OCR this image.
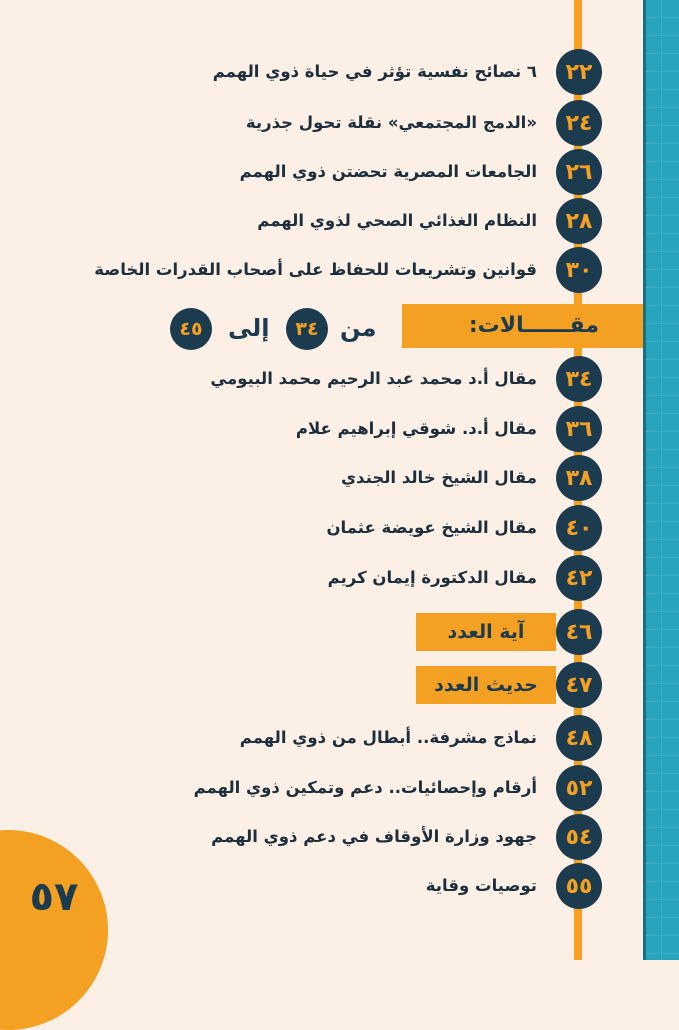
٢٢
٦ نصائح نفسية تؤثر في حياة ذوي الهمم
٢٤
«الدمج المجتمعي» نقلة تحول جذرية
٢٦
الجامعات المصرية تحضتن ذوي الهمم
٢٨
النظام الغذائي الصحي لذوي الهمم
٣٠
قوانين وتشريعات للحفاظ على أصحاب القدرات الخاصة
مقــــــالات:
من
٣٤
إلى
٤٥
٣٤
مقال أ.د محمد عبد الرحيم محمد البيومي
٣٦
مقال أ.د. شوقي إبراهيم علام
٣٨
مقال الشيخ خالد الجندي
٤٠
مقال الشيخ عويضة عثمان
٤٢
مقال الدكتورة إيمان كريم
آية العدد	٤٦
حديث العدد	٤٧
٤٨
نماذج مشرفة.. أبطال من ذوي الهمم
٥٢
أرقام وإحصائيات.. دعم وتمكين ذوي الهمم
٥٤
جهود وزارة الأوقاف في دعم ذوي الهمم
٥٥
توصيات وقاية
٥٧
